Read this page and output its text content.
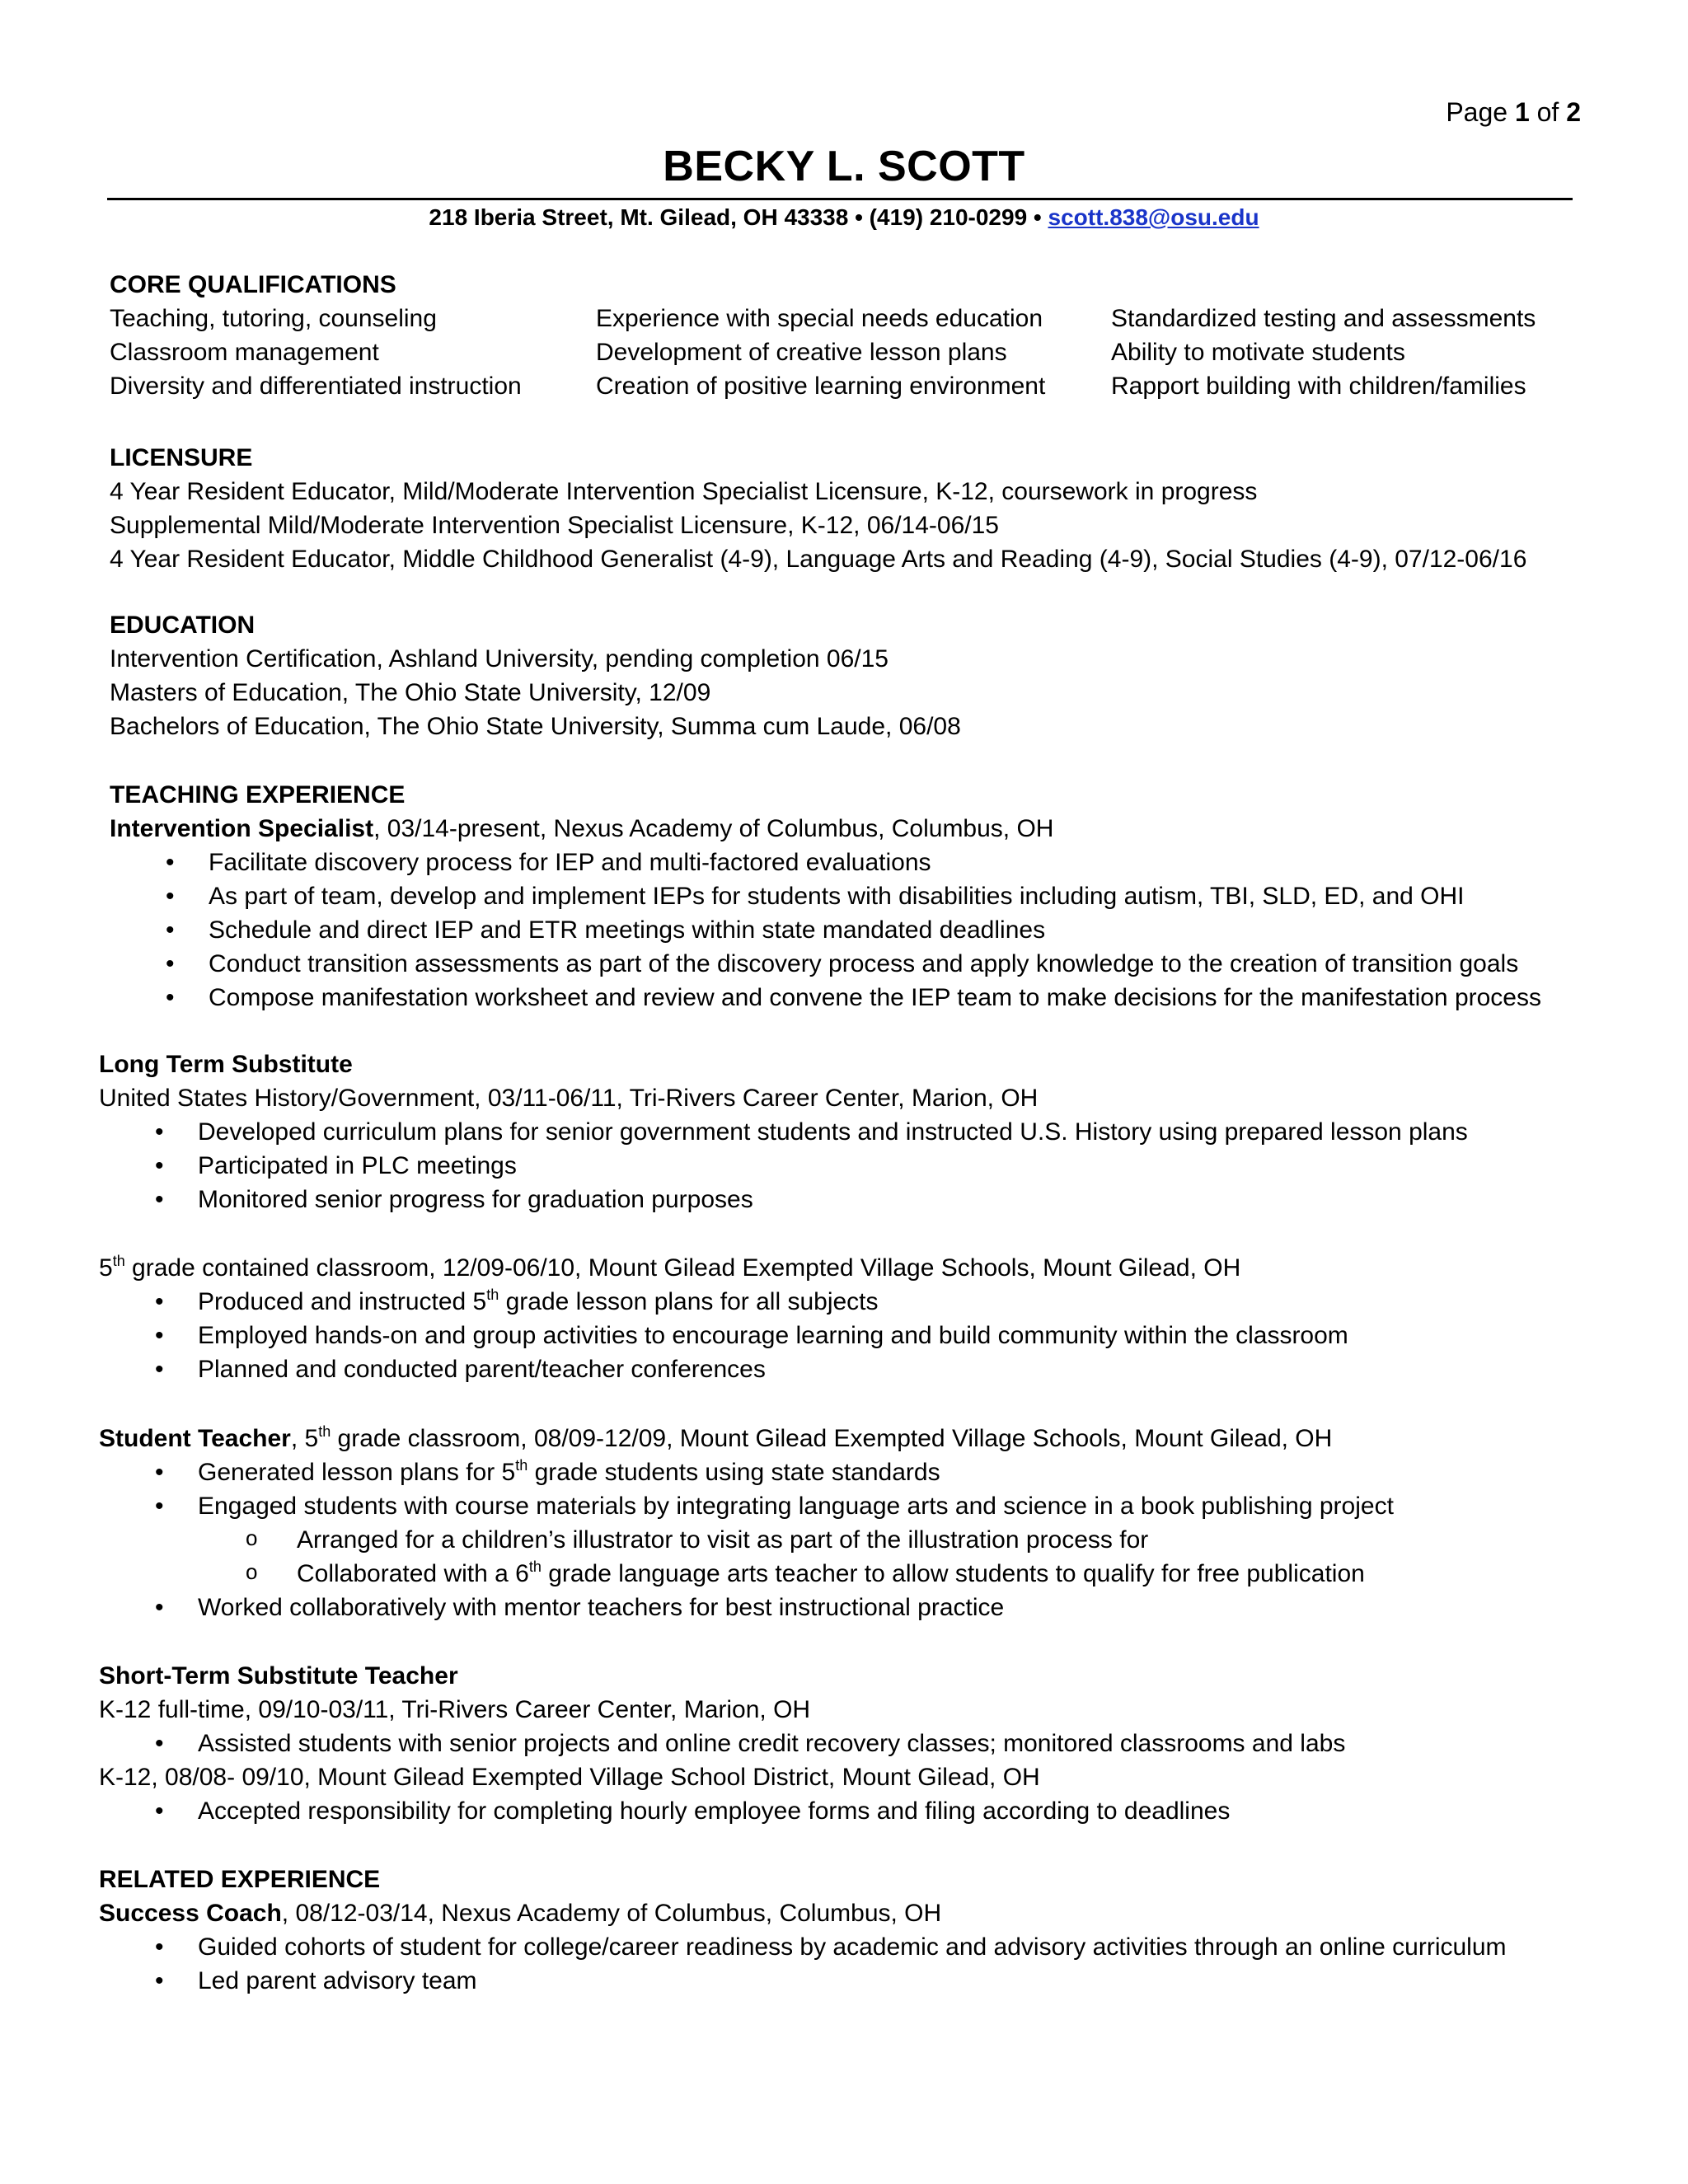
Page 1 of 2
BECKY L. SCOTT
218 Iberia Street, Mt. Gilead, OH 43338 • (419) 210-0299 • scott.838@osu.edu
CORE QUALIFICATIONS
Teaching, tutoring, counseling	Experience with special needs education	Standardized testing and assessments
Classroom management	Development of creative lesson plans	Ability to motivate students
Diversity and differentiated instruction	Creation of positive learning environment	Rapport building with children/families
LICENSURE
4 Year Resident Educator, Mild/Moderate Intervention Specialist Licensure, K-12, coursework in progress
Supplemental Mild/Moderate Intervention Specialist Licensure, K-12, 06/14-06/15
4 Year Resident Educator, Middle Childhood Generalist (4-9), Language Arts and Reading (4-9), Social Studies (4-9), 07/12-06/16
EDUCATION
Intervention Certification, Ashland University, pending completion 06/15
Masters of Education, The Ohio State University, 12/09
Bachelors of Education, The Ohio State University, Summa cum Laude, 06/08
TEACHING EXPERIENCE
Intervention Specialist, 03/14-present, Nexus Academy of Columbus, Columbus, OH
• Facilitate discovery process for IEP and multi-factored evaluations
• As part of team, develop and implement IEPs for students with disabilities including autism, TBI, SLD, ED, and OHI
• Schedule and direct IEP and ETR meetings within state mandated deadlines
• Conduct transition assessments as part of the discovery process and apply knowledge to the creation of transition goals
• Compose manifestation worksheet and review and convene the IEP team to make decisions for the manifestation process
Long Term Substitute
United States History/Government, 03/11-06/11, Tri-Rivers Career Center, Marion, OH
• Developed curriculum plans for senior government students and instructed U.S. History using prepared lesson plans
• Participated in PLC meetings
• Monitored senior progress for graduation purposes
5th grade contained classroom, 12/09-06/10, Mount Gilead Exempted Village Schools, Mount Gilead, OH
• Produced and instructed 5th grade lesson plans for all subjects
• Employed hands-on and group activities to encourage learning and build community within the classroom
• Planned and conducted parent/teacher conferences
Student Teacher, 5th grade classroom, 08/09-12/09, Mount Gilead Exempted Village Schools, Mount Gilead, OH
• Generated lesson plans for 5th grade students using state standards
• Engaged students with course materials by integrating language arts and science in a book publishing project
o Arranged for a children’s illustrator to visit as part of the illustration process for
o Collaborated with a 6th grade language arts teacher to allow students to qualify for free publication
• Worked collaboratively with mentor teachers for best instructional practice
Short-Term Substitute Teacher
K-12 full-time, 09/10-03/11, Tri-Rivers Career Center, Marion, OH
• Assisted students with senior projects and online credit recovery classes; monitored classrooms and labs
K-12, 08/08- 09/10, Mount Gilead Exempted Village School District, Mount Gilead, OH
• Accepted responsibility for completing hourly employee forms and filing according to deadlines
RELATED EXPERIENCE
Success Coach, 08/12-03/14, Nexus Academy of Columbus, Columbus, OH
• Guided cohorts of student for college/career readiness by academic and advisory activities through an online curriculum
• Led parent advisory team
